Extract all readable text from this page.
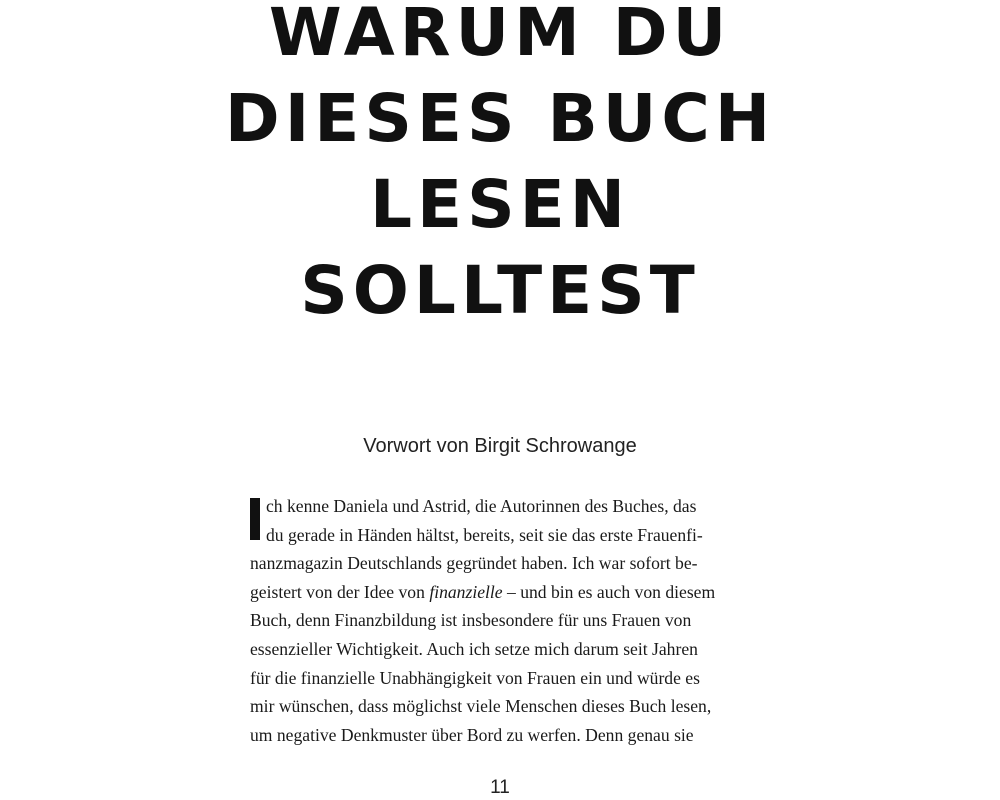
WARUM DU
DIESES BUCH
LESEN
SOLLTEST
Vorwort von Birgit Schrowange
ch kenne Daniela und Astrid, die Autorinnen des Buches, das
du gerade in Händen hältst, bereits, seit sie das erste Frauenfi-
nanzmagazin Deutschlands gegründet haben. Ich war sofort be-
geistert von der Idee von finanzielle – und bin es auch von diesem
Buch, denn Finanzbildung ist insbesondere für uns Frauen von
essenzieller Wichtigkeit. Auch ich setze mich darum seit Jahren
für die finanzielle Unabhängigkeit von Frauen ein und würde es
mir wünschen, dass möglichst viele Menschen dieses Buch lesen,
um negative Denkmuster über Bord zu werfen. Denn genau sie
11
